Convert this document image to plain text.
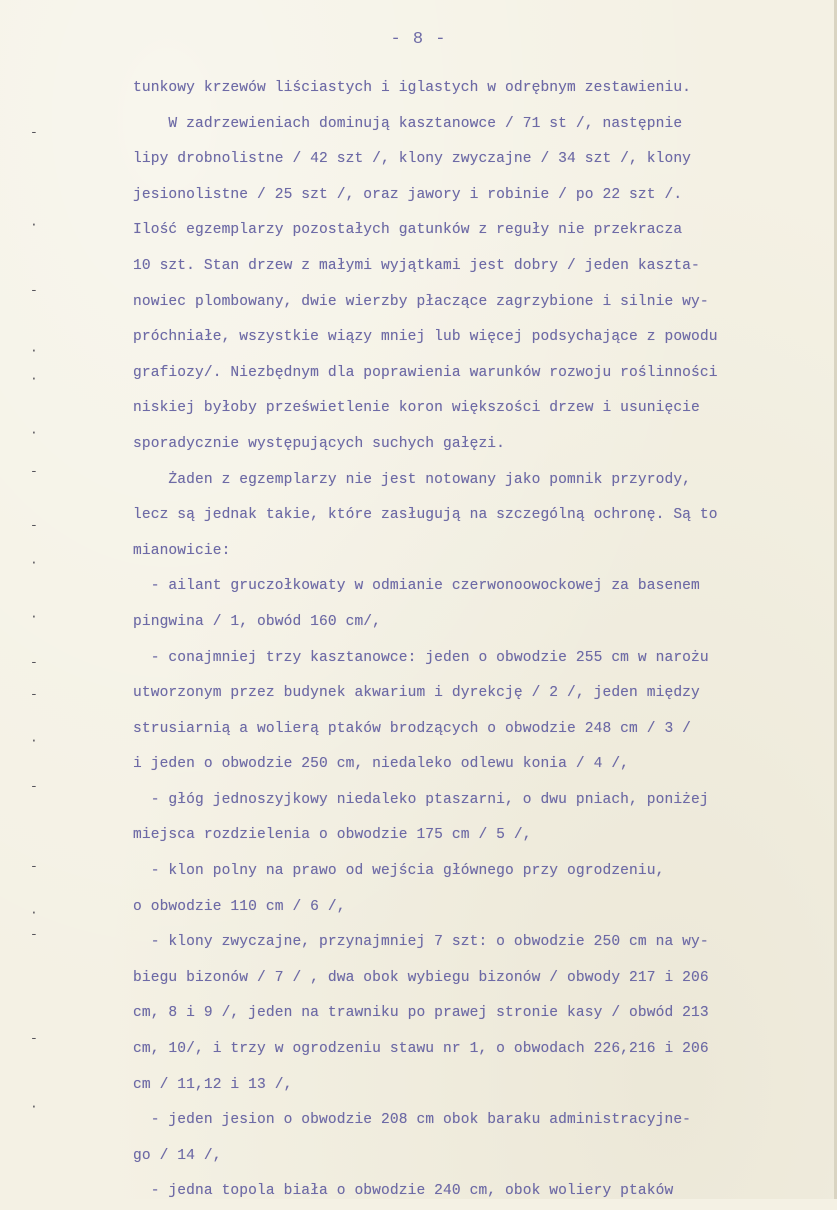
- 8 -
tunkowy krzewów liściastych i iglastych w odrębnym zestawieniu.
W zadrzewieniach dominują kasztanowce / 71 st /, następnie
lipy drobnolistne / 42 szt /, klony zwyczajne / 34 szt /, klony
jesionolistne / 25 szt /, oraz jawory i robinie / po 22 szt /.
Ilość egzemplarzy pozostałych gatunków z reguły nie przekracza
10 szt. Stan drzew z małymi wyjątkami jest dobry / jeden kaszta-
nowiec plombowany, dwie wierzby płaczące zagrzybione i silnie wy-
próchniałe, wszystkie wiązy mniej lub więcej podsychające z powodu
grafiozy/. Niezbędnym dla poprawienia warunków rozwoju roślinności
niskiej byłoby prześwietlenie koron większości drzew i usunięcie
sporadycznie występujących suchych gałęzi.
Żaden z egzemplarzy nie jest notowany jako pomnik przyrody,
lecz są jednak takie, które zasługują na szczególną ochronę. Są to
mianowicie:
- ailant gruczołkowaty w odmianie czerwonoowockowej za basenem
pingwina / 1, obwód 160 cm/,
- conajmniej trzy kasztanowce: jeden o obwodzie 255 cm w narożu
utworzonym przez budynek akwarium i dyrekcję / 2 /, jeden między
strusiarnią a wolierą ptaków brodzących o obwodzie 248 cm / 3 /
i jeden o obwodzie 250 cm, niedaleko odlewu konia / 4 /,
- głóg jednoszyjkowy niedaleko ptaszarni, o dwu pniach, poniżej
miejsca rozdzielenia o obwodzie 175 cm / 5 /,
- klon polny na prawo od wejścia głównego przy ogrodzeniu,
o obwodzie 110 cm / 6 /,
- klony zwyczajne, przynajmniej 7 szt: o obwodzie 250 cm na wy-
biegu bizonów / 7 / , dwa obok wybiegu bizonów / obwody 217 i 206
cm, 8 i 9 /, jeden na trawniku po prawej stronie kasy / obwód 213
cm, 10/, i trzy w ogrodzeniu stawu nr 1, o obwodach 226,216 i 206
cm / 11,12 i 13 /,
- jeden jesion o obwodzie 208 cm obok baraku administracyjne-
go / 14 /,
- jedna topola biała o obwodzie 240 cm, obok woliery ptaków
-
·
-
·
·
·
-
-
·
·
-
-
·
-
-
·
-
-
·
